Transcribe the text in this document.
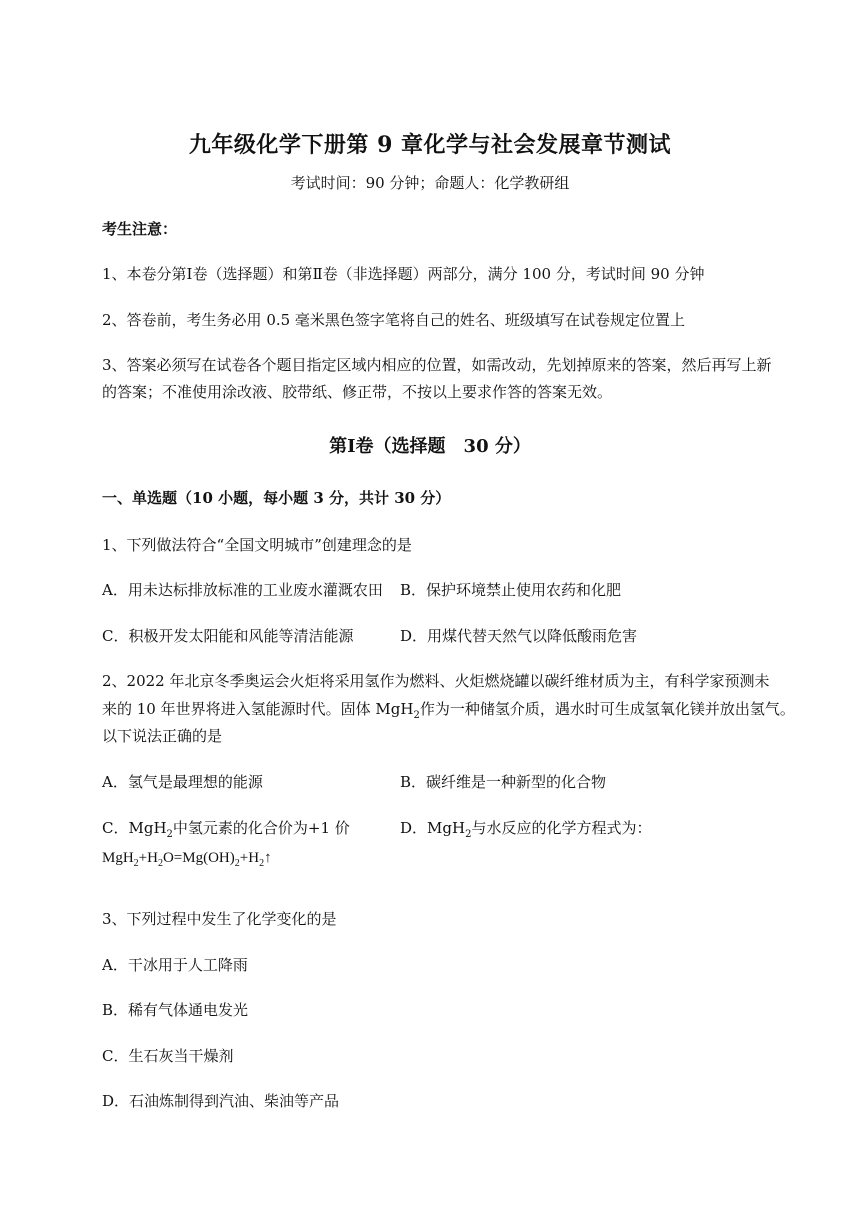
九年级化学下册第 9 章化学与社会发展章节测试
考试时间：90 分钟；命题人：化学教研组
考生注意：
1、本卷分第Ⅰ卷（选择题）和第Ⅱ卷（非选择题）两部分，满分 100 分，考试时间 90 分钟
2、答卷前，考生务必用 0.5 毫米黑色签字笔将自己的姓名、班级填写在试卷规定位置上
3、答案必须写在试卷各个题目指定区域内相应的位置，如需改动，先划掉原来的答案，然后再写上新
的答案；不准使用涂改液、胶带纸、修正带，不按以上要求作答的答案无效。
第Ⅰ卷（选择题　30 分）
一、单选题（10 小题，每小题 3 分，共计 30 分）
1、下列做法符合“全国文明城市”创建理念的是
A．用未达标排放标准的工业废水灌溉农田 B．保护环境禁止使用农药和化肥
C．积极开发太阳能和风能等清洁能源	D．用煤代替天然气以降低酸雨危害
2、2022 年北京冬季奥运会火炬将采用氢作为燃料、火炬燃烧罐以碳纤维材质为主，有科学家预测未
来的 10 年世界将进入氢能源时代。固体 MgH$_2$作为一种储氢介质，遇水时可生成氢氧化镁并放出氢气。
以下说法正确的是
A．氢气是最理想的能源	B．碳纤维是一种新型的化合物
C．MgH$_2$中氢元素的化合价为+1 价	D．MgH$_2$与水反应的化学方程式为：
$MgH_2+H_2O=Mg(OH)_2+H_2↑$
3、下列过程中发生了化学变化的是
A．干冰用于人工降雨
B．稀有气体通电发光
C．生石灰当干燥剂
D．石油炼制得到汽油、柴油等产品
